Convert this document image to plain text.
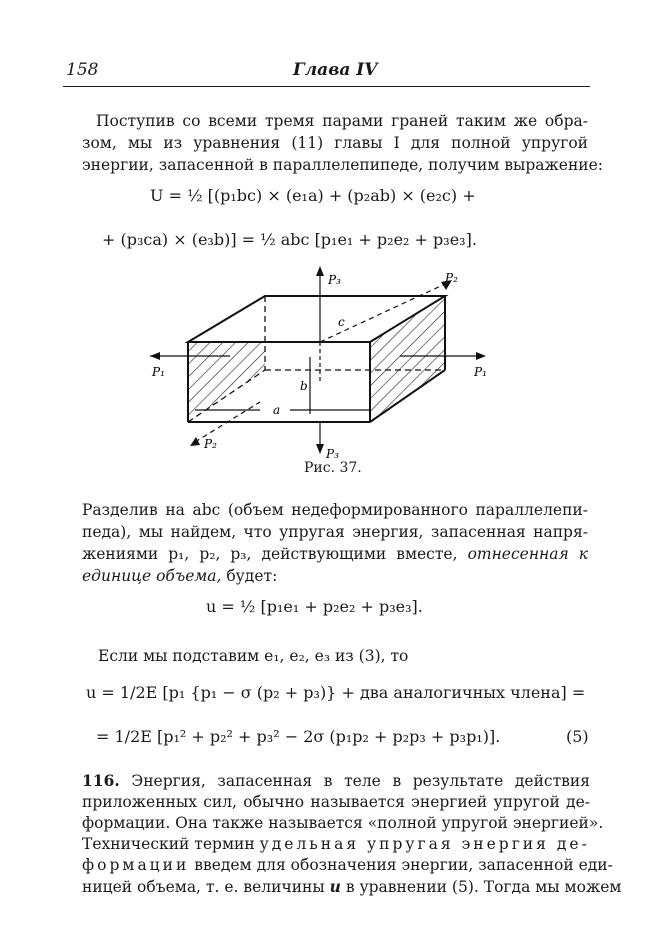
158	Глава IV
Поступив со всеми тремя парами граней таким же обра-
зом, мы из уравнения (11) главы I для полной упругой
энергии, запасенной в параллелепипеде, получим выражение:
U = ½ [(p₁bc) × (e₁a) + (p₂ab) × (e₂c) +
+ (p₃ca) × (e₃b)] = ½ abc [p₁e₁ + p₂e₂ + p₃e₃].
P₃	P₂
P₁	P₁
c
b
a
P₂
P₃
Рис. 37.
Разделив на abc (объем недеформированного параллелепи-
педа), мы найдем, что упругая энергия, запасенная напря-
жениями p₁, p₂, p₃, действующими вместе, отнесенная к
единице объема, будет:
u = ½ [p₁e₁ + p₂e₂ + p₃e₃].
Если мы подставим e₁, e₂, e₃ из (3), то
u = 1/2E [p₁ {p₁ − σ (p₂ + p₃)} + два аналогичных члена] =
= 1/2E [p₁² + p₂² + p₃² − 2σ (p₁p₂ + p₂p₃ + p₃p₁)].	(5)
116. Энергия, запасенная в теле в результате действия
приложенных сил, обычно называется энергией упругой де-
формации. Она также называется «полной упругой энергией».
Технический термин удельная упругая энергия де-
формации введем для обозначения энергии, запасенной еди-
ницей объема, т. е. величины u в уравнении (5). Тогда мы можем
